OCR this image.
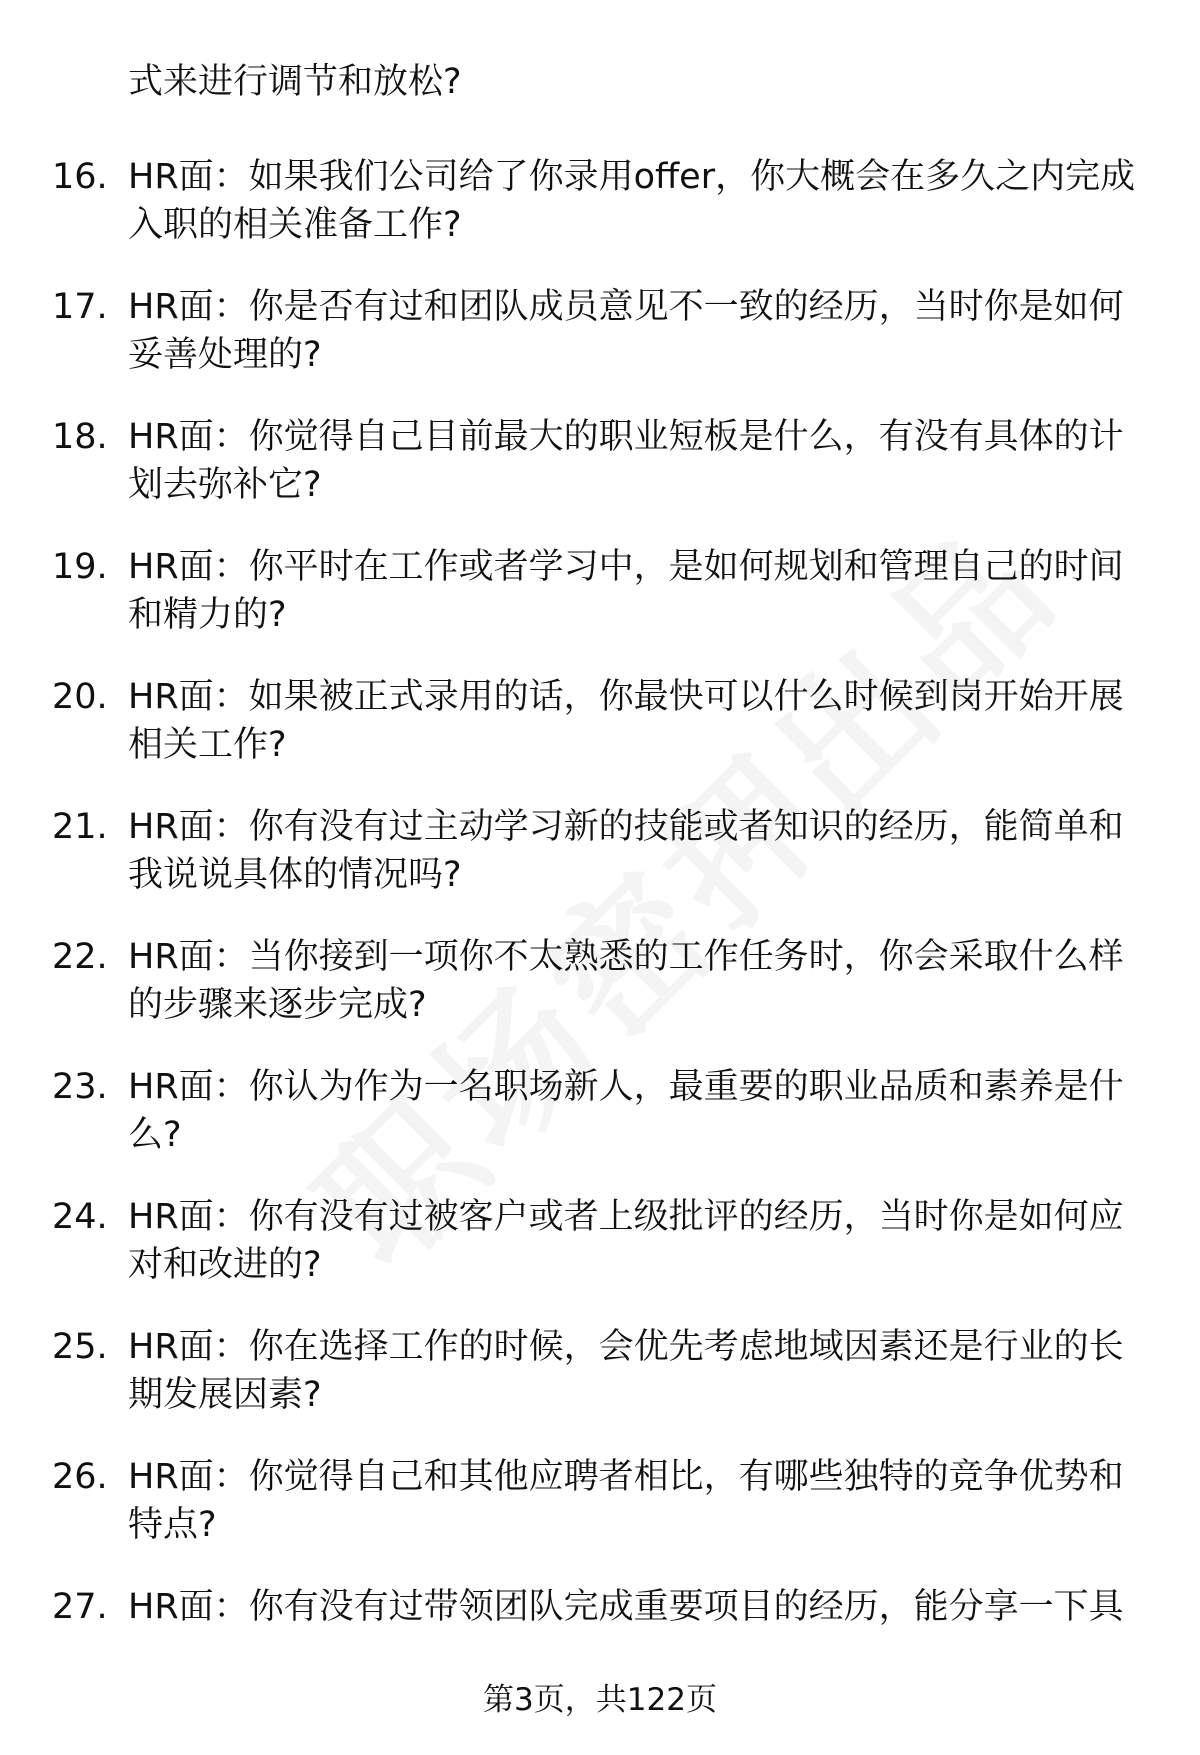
式来进行调节和放松?
16. HR面：如果我们公司给了你录用offer，你大概会在多久之内完成入职的相关准备工作?
17. HR面：你是否有过和团队成员意见不一致的经历，当时你是如何妥善处理的?
18. HR面：你觉得自己目前最大的职业短板是什么，有没有具体的计划去弥补它?
19. HR面：你平时在工作或者学习中，是如何规划和管理自己的时间和精力的?
20. HR面：如果被正式录用的话，你最快可以什么时候到岗开始开展相关工作?
21. HR面：你有没有过主动学习新的技能或者知识的经历，能简单和我说说具体的情况吗?
22. HR面：当你接到一项你不太熟悉的工作任务时，你会采取什么样的步骤来逐步完成?
23. HR面：你认为作为一名职场新人，最重要的职业品质和素养是什么?
24. HR面：你有没有过被客户或者上级批评的经历，当时你是如何应对和改进的?
25. HR面：你在选择工作的时候，会优先考虑地域因素还是行业的长期发展因素?
26. HR面：你觉得自己和其他应聘者相比，有哪些独特的竞争优势和特点?
27. HR面：你有没有过带领团队完成重要项目的经历，能分享一下具
第3页，共122页
